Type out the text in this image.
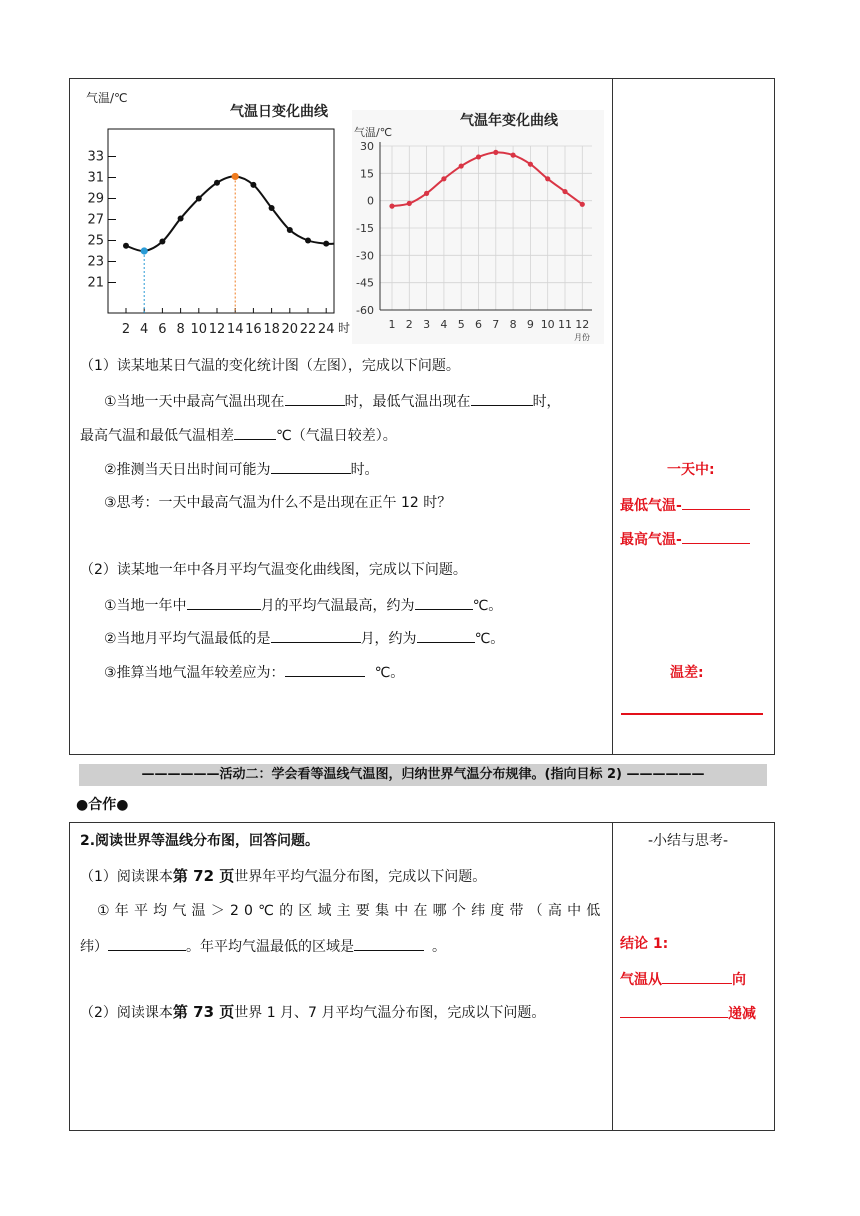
气温/℃
气温日变化曲线
21
23
25
27
29
31
33
2 4 6 8 10 12 14 16 18 20 22 24 时
气温年变化曲线
气温/℃
30
15
0
-15
-30
-45
-60
1 2 3 4 5 6 7 8 9 10 11 12
月份
（1）读某地某日气温的变化统计图（左图），完成以下问题。
①当地一天中最高气温出现在	时，最低气温出现在	时，
最高气温和最低气温相差	℃（气温日较差）。
②推测当天日出时间可能为	时。
③思考：一天中最高气温为什么不是出现在正午 12 时？
（2）读某地一年中各月平均气温变化曲线图，完成以下问题。
①当地一年中	月的平均气温最高，约为	℃。
②当地月平均气温最低的是	月，约为	℃。
③推算当地气温年较差应为：	℃。
一天中:
最低气温-
最高气温-
温差:
——————活动二：学会看等温线气温图，归纳世界气温分布规律。(指向目标 2) ——————
●合作●
2.阅读世界等温线分布图，回答问题。	-小结与思考-
（1）阅读课本第 72 页世界年平均气温分布图，完成以下问题。
①年平均气温＞20℃的区域主要集中在哪个纬度带（高中低
纬）	。年平均气温最低的区域是	。
（2）阅读课本第 73 页世界 1 月、7 月平均气温分布图，完成以下问题。
结论 1:
气温从	向
递减
